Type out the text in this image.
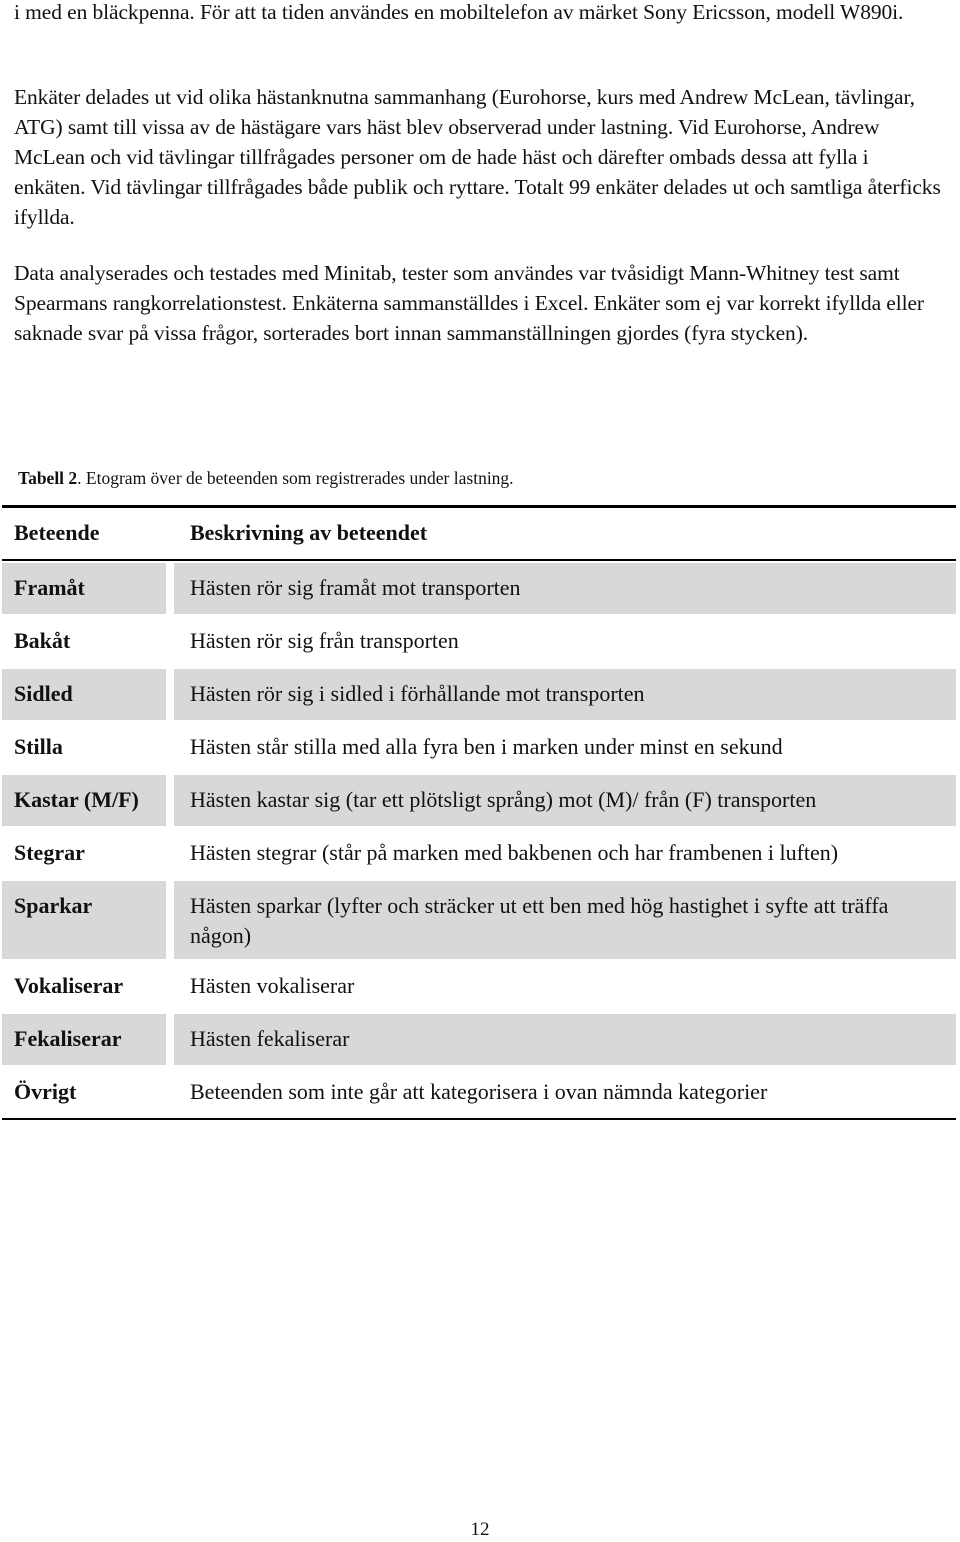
i med en bläckpenna. För att ta tiden användes en mobiltelefon av märket Sony Ericsson, modell W890i.

Enkäter delades ut vid olika hästanknutna sammanhang (Eurohorse, kurs med Andrew McLean, tävlingar, ATG) samt till vissa av de hästägare vars häst blev observerad under lastning. Vid Eurohorse, Andrew McLean och vid tävlingar tillfrågades personer om de hade häst och därefter ombads dessa att fylla i enkäten. Vid tävlingar tillfrågades både publik och ryttare. Totalt 99 enkäter delades ut och samtliga återficks ifyllda.

Data analyserades och testades med Minitab, tester som användes var tvåsidigt Mann-Whitney test samt Spearmans rangkorrelationstest. Enkäterna sammanställdes i Excel. Enkäter som ej var korrekt ifyllda eller saknade svar på vissa frågor, sorterades bort innan sammanställningen gjordes (fyra stycken).

Tabell 2. Etogram över de beteenden som registrerades under lastning.

Beteende	Beskrivning av beteendet
Framåt	Hästen rör sig framåt mot transporten
Bakåt	Hästen rör sig från transporten
Sidled	Hästen rör sig i sidled i förhållande mot transporten
Stilla	Hästen står stilla med alla fyra ben i marken under minst en sekund
Kastar (M/F)	Hästen kastar sig (tar ett plötsligt språng) mot (M)/ från (F) transporten
Stegrar	Hästen stegrar (står på marken med bakbenen och har frambenen i luften)
Sparkar	Hästen sparkar (lyfter och sträcker ut ett ben med hög hastighet i syfte att träffa någon)
Vokaliserar	Hästen vokaliserar
Fekaliserar	Hästen fekaliserar
Övrigt	Beteenden som inte går att kategorisera i ovan nämnda kategorier
12
